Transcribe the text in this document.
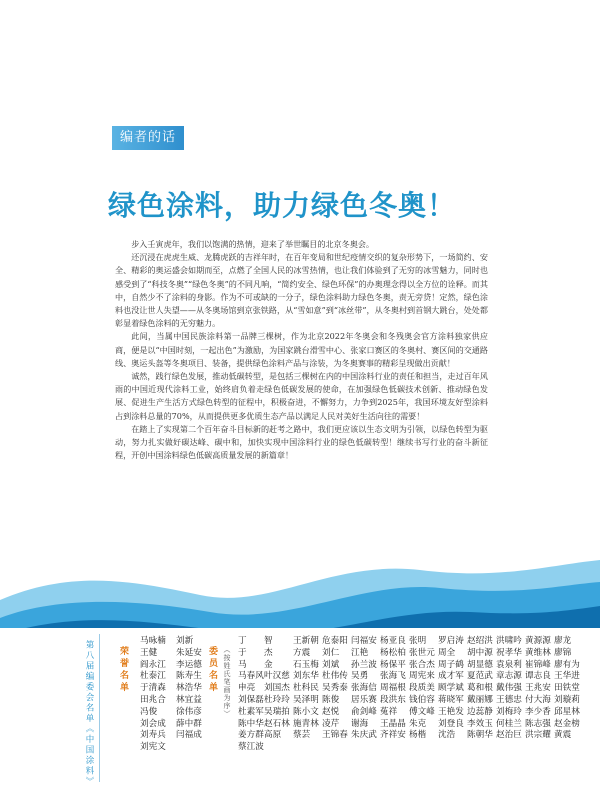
编者的话
绿色涂料，助力绿色冬奥！

步入壬寅虎年，我们以饱满的热情，迎来了举世瞩目的北京冬奥会。

还沉浸在虎虎生威、龙腾虎跃的吉祥年时，在百年变局和世纪疫情交织的复杂形势下，一场简约、安全、精彩的奥运盛会如期而至，点燃了全国人民的冰雪热情，也让我们体验到了无穷的冰雪魅力，同时也感受到了“科技冬奥”“绿色冬奥”的不同凡响，“简约安全、绿色环保”的办奥理念得以全方位的诠释。而其中，自然少不了涂料的身影。作为不可或缺的一分子，绿色涂料助力绿色冬奥，责无旁贷！定然，绿色涂料也没让世人失望——从冬奥场馆到京张铁路，从“雪如意”到“冰丝带”，从冬奥村到首钢大跳台，处处都彰显着绿色涂料的无穷魅力。

此间，当属中国民族涂料第一品牌三棵树，作为北京2022年冬奥会和冬残奥会官方涂料独家供应商，便是以“中国时刻，一起出色”为激励，为国家跳台滑雪中心、张家口赛区的冬奥村、赛区间的交通路线、奥运头盔等冬奥项目、装备，提供绿色涂料产品与涂装，为冬奥赛事的精彩呈现做出贡献！

诚然，践行绿色发展，推动低碳转型，是包括三棵树在内的中国涂料行业的责任和担当，走过百年风雨的中国近现代涂料工业，始终肩负着走绿色低碳发展的使命，在加强绿色低碳技术创新、推动绿色发展、促进生产生活方式绿色转型的征程中，积极奋进，不懈努力，力争到2025年，我国环境友好型涂料占到涂料总量的70%，从而提供更多优质生态产品以满足人民对美好生活向往的需要！

在踏上了实现第二个百年奋斗目标新的赶考之路中，我们更应该以生态文明为引领，以绿色转型为驱动，努力扎实做好碳达峰、碳中和，加快实现中国涂料行业的绿色低碳转型！继续书写行业的奋斗新征程，开创中国涂料绿色低碳高质量发展的新篇章！

第八届编委会名单《中国涂料》	荣誉名单	委员名单 （按姓氏笔画为序）
马咏楠	刘新
王健	朱延安
阎永江	李运德
杜泰江	陈寿生
于清森	林浩华
田兆合	林宜益
冯俊	徐伟彦
刘会成	薛中群
刘寿兵	闫福成
刘宪文
丁	智	王新朝 危泰阳 闫福安 杨亚良 张明	罗启涛 赵绍洪 洪啸吟 黄源源 廖龙
于	杰	方震	刘仁	江艳	杨松柏 张世元 周全	胡中源 祝孝华 黄维林 廖锦
马	金	石玉梅 刘斌	孙兰波 杨保平 张合杰 周子鹤 胡显德 袁泉利 崔锦峰 廖有为
马春风 叶汉慈 刘东华 杜伟传 吴勇	张海飞 周宪来 成才军 夏范武 章志源 谭志良 王华进
申亮	刘国杰 杜科民 吴秀泰 张海信 周福根 段质美 顾学斌 葛和根 戴伟强 王兆安 田铁堂
刘保磊 杜玲玲 吴泽明 陈俊	居乐赛 段洪东 钱伯容 蒋晓军 戴丽娜 王德忠 付大海 刘璇莉
杜素军 吴瑞拍 陈小文 赵悦	俞剑峰 菟祥	傅文峰 王艳发 边蕊静 刘梅玲 李少香 邱星林
陈中华 赵石林 施青林 凌芹	谢海	王晶晶 朱克	刘登良 李效玉 何桂兰 陈志强 赵金榜
姜方群 高原	蔡芸	王锦春 朱庆武 齐祥安 杨楷	沈浩	陈朝华 赵治巨 洪宗耀 黄震
蔡江波
